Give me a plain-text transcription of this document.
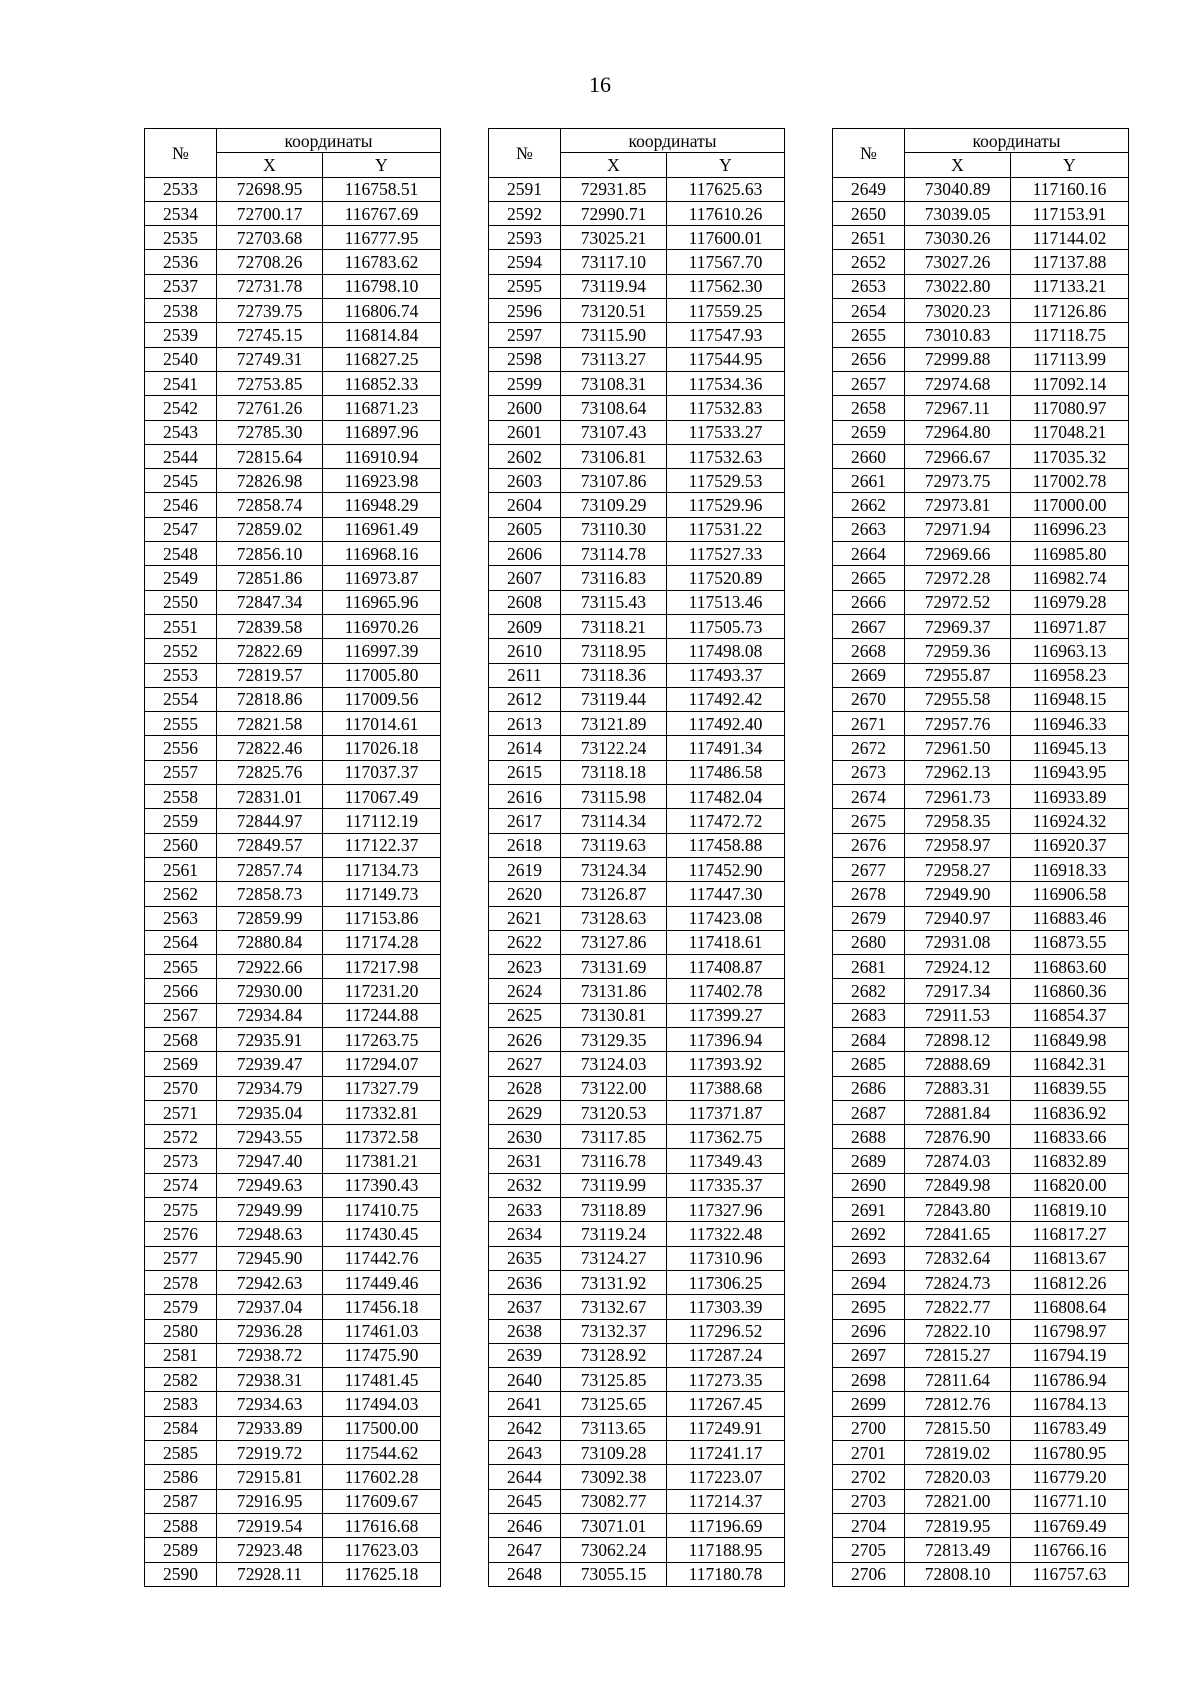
16
№	координаты	
	X	Y
2533	72698.95	116758.51
2534	72700.17	116767.69
2535	72703.68	116777.95
2536	72708.26	116783.62
2537	72731.78	116798.10
2538	72739.75	116806.74
2539	72745.15	116814.84
2540	72749.31	116827.25
2541	72753.85	116852.33
2542	72761.26	116871.23
2543	72785.30	116897.96
2544	72815.64	116910.94
2545	72826.98	116923.98
2546	72858.74	116948.29
2547	72859.02	116961.49
2548	72856.10	116968.16
2549	72851.86	116973.87
2550	72847.34	116965.96
2551	72839.58	116970.26
2552	72822.69	116997.39
2553	72819.57	117005.80
2554	72818.86	117009.56
2555	72821.58	117014.61
2556	72822.46	117026.18
2557	72825.76	117037.37
2558	72831.01	117067.49
2559	72844.97	117112.19
2560	72849.57	117122.37
2561	72857.74	117134.73
2562	72858.73	117149.73
2563	72859.99	117153.86
2564	72880.84	117174.28
2565	72922.66	117217.98
2566	72930.00	117231.20
2567	72934.84	117244.88
2568	72935.91	117263.75
2569	72939.47	117294.07
2570	72934.79	117327.79
2571	72935.04	117332.81
2572	72943.55	117372.58
2573	72947.40	117381.21
2574	72949.63	117390.43
2575	72949.99	117410.75
2576	72948.63	117430.45
2577	72945.90	117442.76
2578	72942.63	117449.46
2579	72937.04	117456.18
2580	72936.28	117461.03
2581	72938.72	117475.90
2582	72938.31	117481.45
2583	72934.63	117494.03
2584	72933.89	117500.00
2585	72919.72	117544.62
2586	72915.81	117602.28
2587	72916.95	117609.67
2588	72919.54	117616.68
2589	72923.48	117623.03
2590	72928.11	117625.18
№	координаты	
	X	Y
2591	72931.85	117625.63
2592	72990.71	117610.26
2593	73025.21	117600.01
2594	73117.10	117567.70
2595	73119.94	117562.30
2596	73120.51	117559.25
2597	73115.90	117547.93
2598	73113.27	117544.95
2599	73108.31	117534.36
2600	73108.64	117532.83
2601	73107.43	117533.27
2602	73106.81	117532.63
2603	73107.86	117529.53
2604	73109.29	117529.96
2605	73110.30	117531.22
2606	73114.78	117527.33
2607	73116.83	117520.89
2608	73115.43	117513.46
2609	73118.21	117505.73
2610	73118.95	117498.08
2611	73118.36	117493.37
2612	73119.44	117492.42
2613	73121.89	117492.40
2614	73122.24	117491.34
2615	73118.18	117486.58
2616	73115.98	117482.04
2617	73114.34	117472.72
2618	73119.63	117458.88
2619	73124.34	117452.90
2620	73126.87	117447.30
2621	73128.63	117423.08
2622	73127.86	117418.61
2623	73131.69	117408.87
2624	73131.86	117402.78
2625	73130.81	117399.27
2626	73129.35	117396.94
2627	73124.03	117393.92
2628	73122.00	117388.68
2629	73120.53	117371.87
2630	73117.85	117362.75
2631	73116.78	117349.43
2632	73119.99	117335.37
2633	73118.89	117327.96
2634	73119.24	117322.48
2635	73124.27	117310.96
2636	73131.92	117306.25
2637	73132.67	117303.39
2638	73132.37	117296.52
2639	73128.92	117287.24
2640	73125.85	117273.35
2641	73125.65	117267.45
2642	73113.65	117249.91
2643	73109.28	117241.17
2644	73092.38	117223.07
2645	73082.77	117214.37
2646	73071.01	117196.69
2647	73062.24	117188.95
2648	73055.15	117180.78
№	координаты	
	X	Y
2649	73040.89	117160.16
2650	73039.05	117153.91
2651	73030.26	117144.02
2652	73027.26	117137.88
2653	73022.80	117133.21
2654	73020.23	117126.86
2655	73010.83	117118.75
2656	72999.88	117113.99
2657	72974.68	117092.14
2658	72967.11	117080.97
2659	72964.80	117048.21
2660	72966.67	117035.32
2661	72973.75	117002.78
2662	72973.81	117000.00
2663	72971.94	116996.23
2664	72969.66	116985.80
2665	72972.28	116982.74
2666	72972.52	116979.28
2667	72969.37	116971.87
2668	72959.36	116963.13
2669	72955.87	116958.23
2670	72955.58	116948.15
2671	72957.76	116946.33
2672	72961.50	116945.13
2673	72962.13	116943.95
2674	72961.73	116933.89
2675	72958.35	116924.32
2676	72958.97	116920.37
2677	72958.27	116918.33
2678	72949.90	116906.58
2679	72940.97	116883.46
2680	72931.08	116873.55
2681	72924.12	116863.60
2682	72917.34	116860.36
2683	72911.53	116854.37
2684	72898.12	116849.98
2685	72888.69	116842.31
2686	72883.31	116839.55
2687	72881.84	116836.92
2688	72876.90	116833.66
2689	72874.03	116832.89
2690	72849.98	116820.00
2691	72843.80	116819.10
2692	72841.65	116817.27
2693	72832.64	116813.67
2694	72824.73	116812.26
2695	72822.77	116808.64
2696	72822.10	116798.97
2697	72815.27	116794.19
2698	72811.64	116786.94
2699	72812.76	116784.13
2700	72815.50	116783.49
2701	72819.02	116780.95
2702	72820.03	116779.20
2703	72821.00	116771.10
2704	72819.95	116769.49
2705	72813.49	116766.16
2706	72808.10	116757.63
